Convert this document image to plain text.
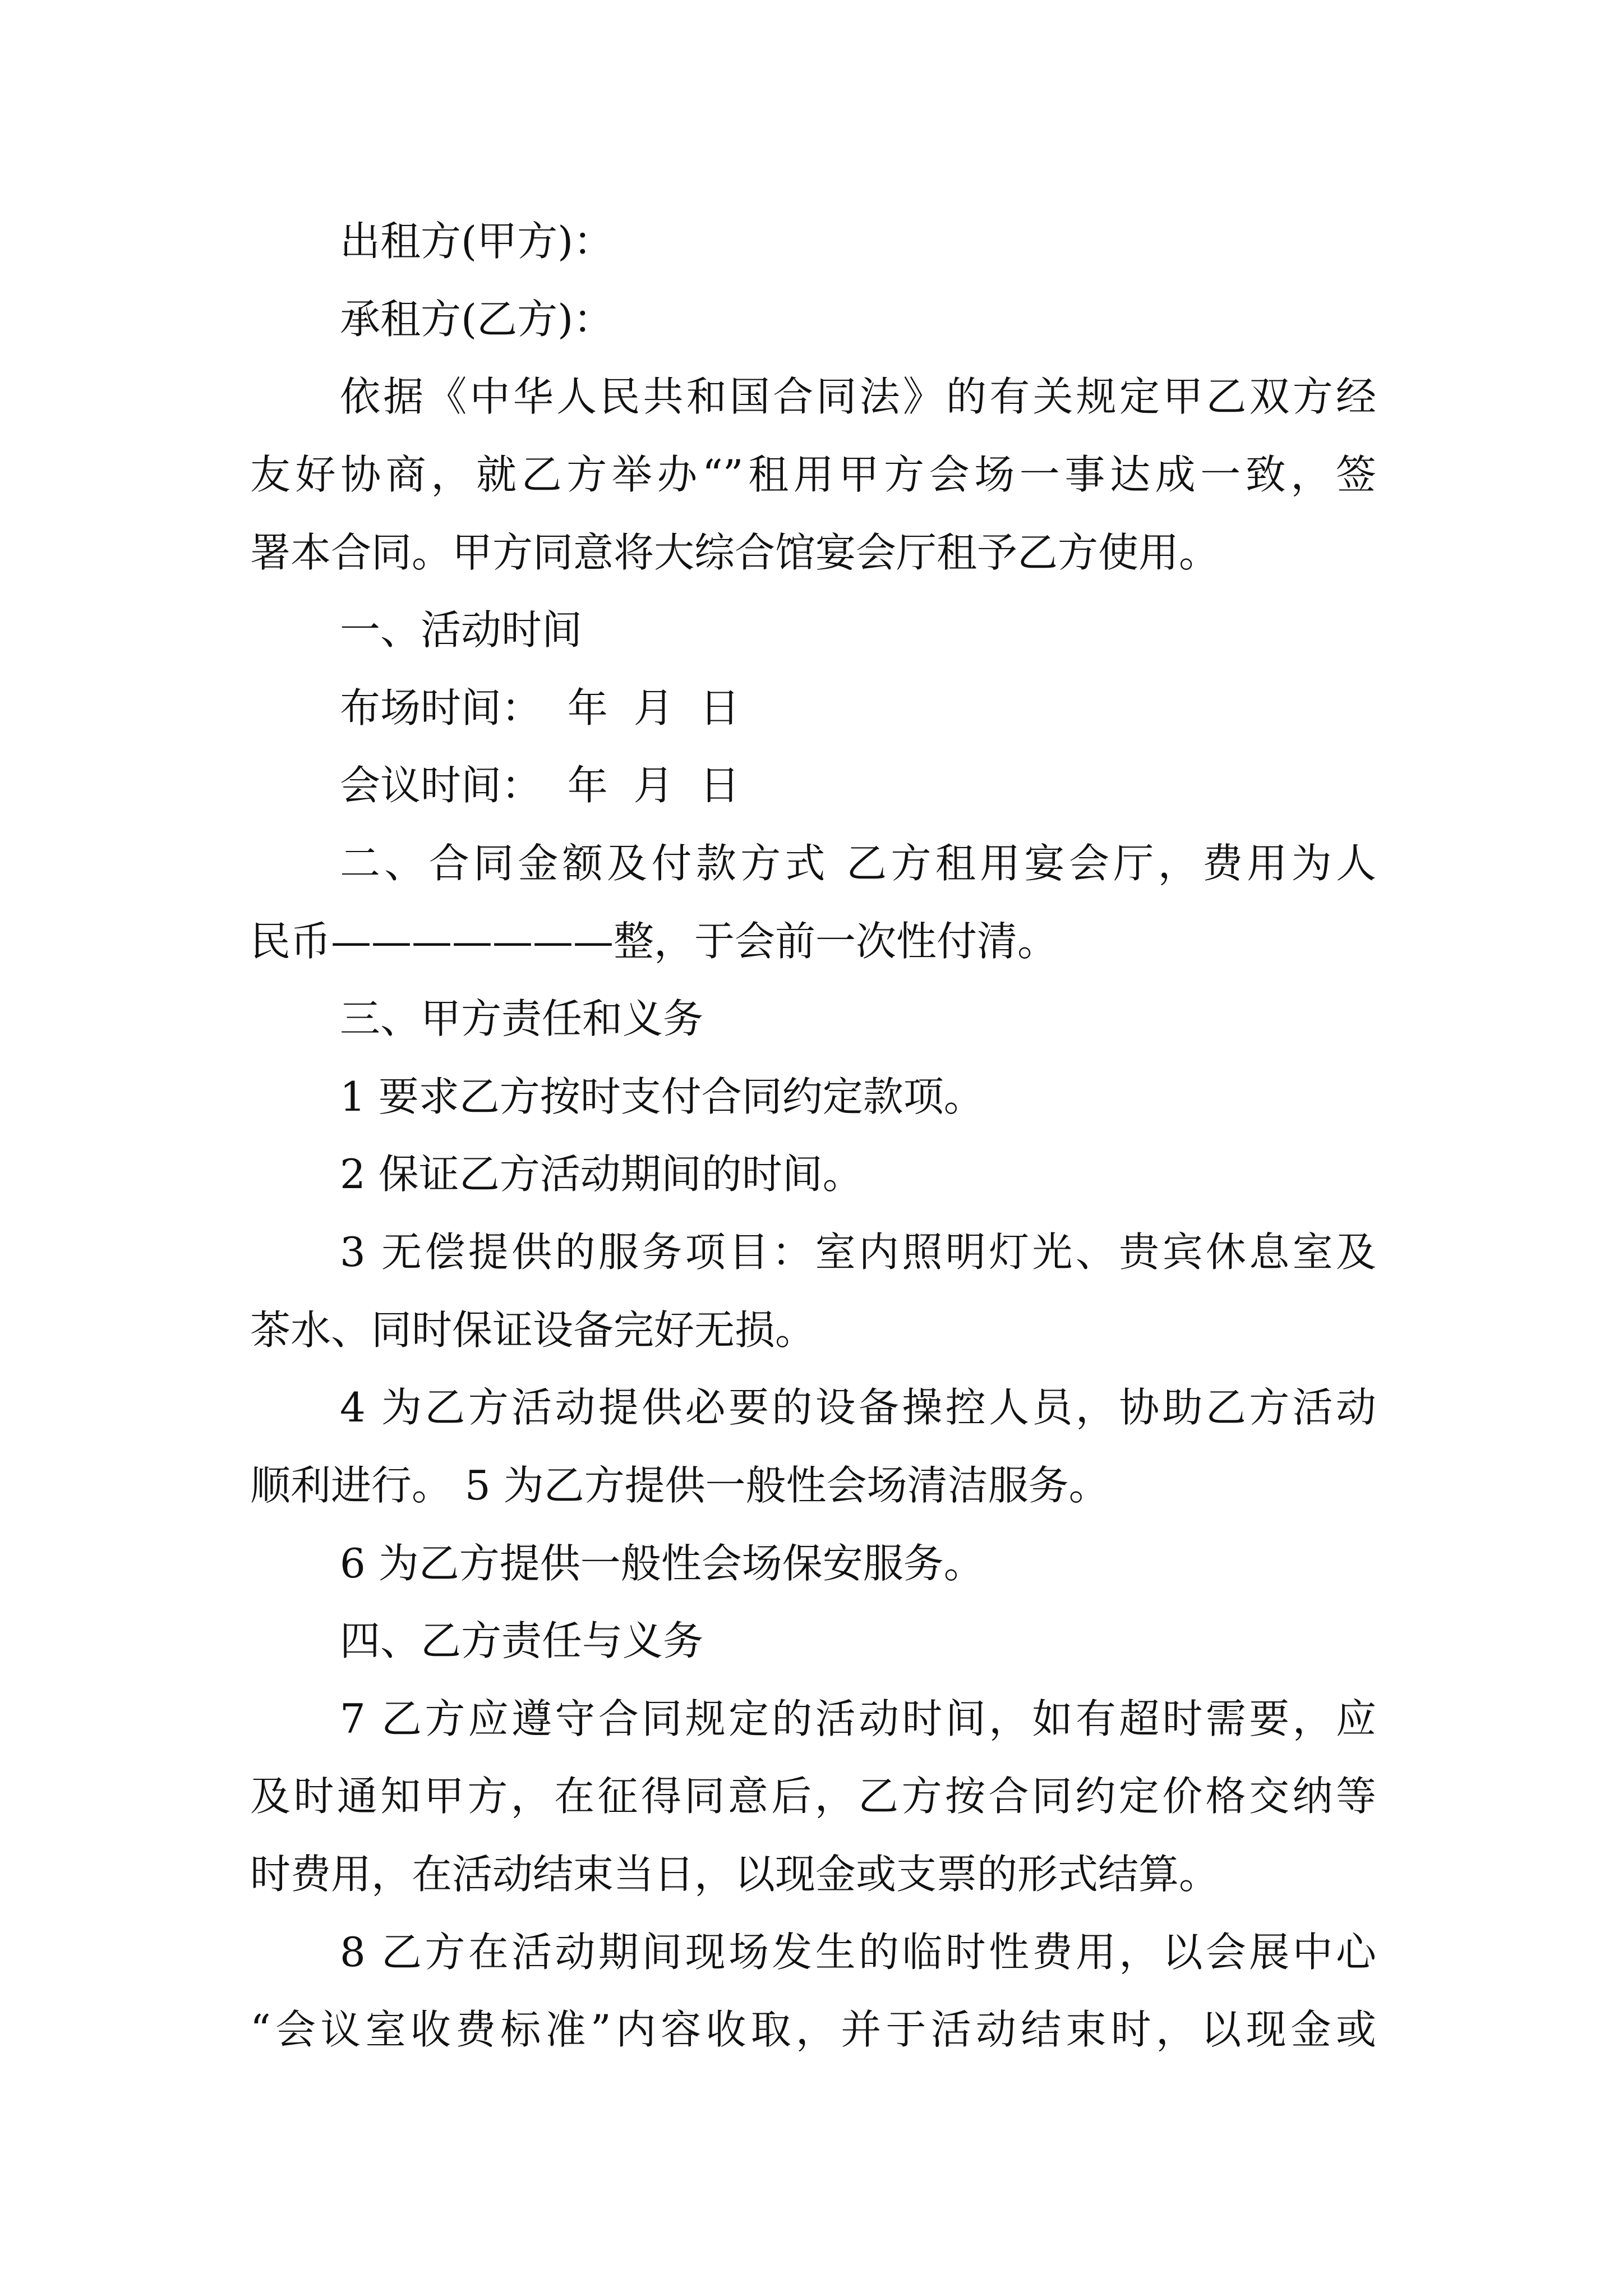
出租方(甲方)：

承租方(乙方)：

依据《中华人民共和国合同法》的有关规定甲乙双方经

友好协商，就乙方举办“”租用甲方会场一事达成一致，签

署本合同。甲方同意将大综合馆宴会厅租予乙方使用。

一、活动时间

布场时间：  年  月  日

会议时间：  年  月  日

二、合同金额及付款方式 乙方租用宴会厅，费用为人

民币———————整，于会前一次性付清。

三、甲方责任和义务

1 要求乙方按时支付合同约定款项。

2 保证乙方活动期间的时间。

3 无偿提供的服务项目：室内照明灯光、贵宾休息室及

茶水、同时保证设备完好无损。

4 为乙方活动提供必要的设备操控人员，协助乙方活动

顺利进行。 5 为乙方提供一般性会场清洁服务。

6 为乙方提供一般性会场保安服务。

四、乙方责任与义务

7 乙方应遵守合同规定的活动时间，如有超时需要，应

及时通知甲方，在征得同意后，乙方按合同约定价格交纳等

时费用，在活动结束当日，以现金或支票的形式结算。

8 乙方在活动期间现场发生的临时性费用，以会展中心

“会议室收费标准”内容收取，并于活动结束时，以现金或
